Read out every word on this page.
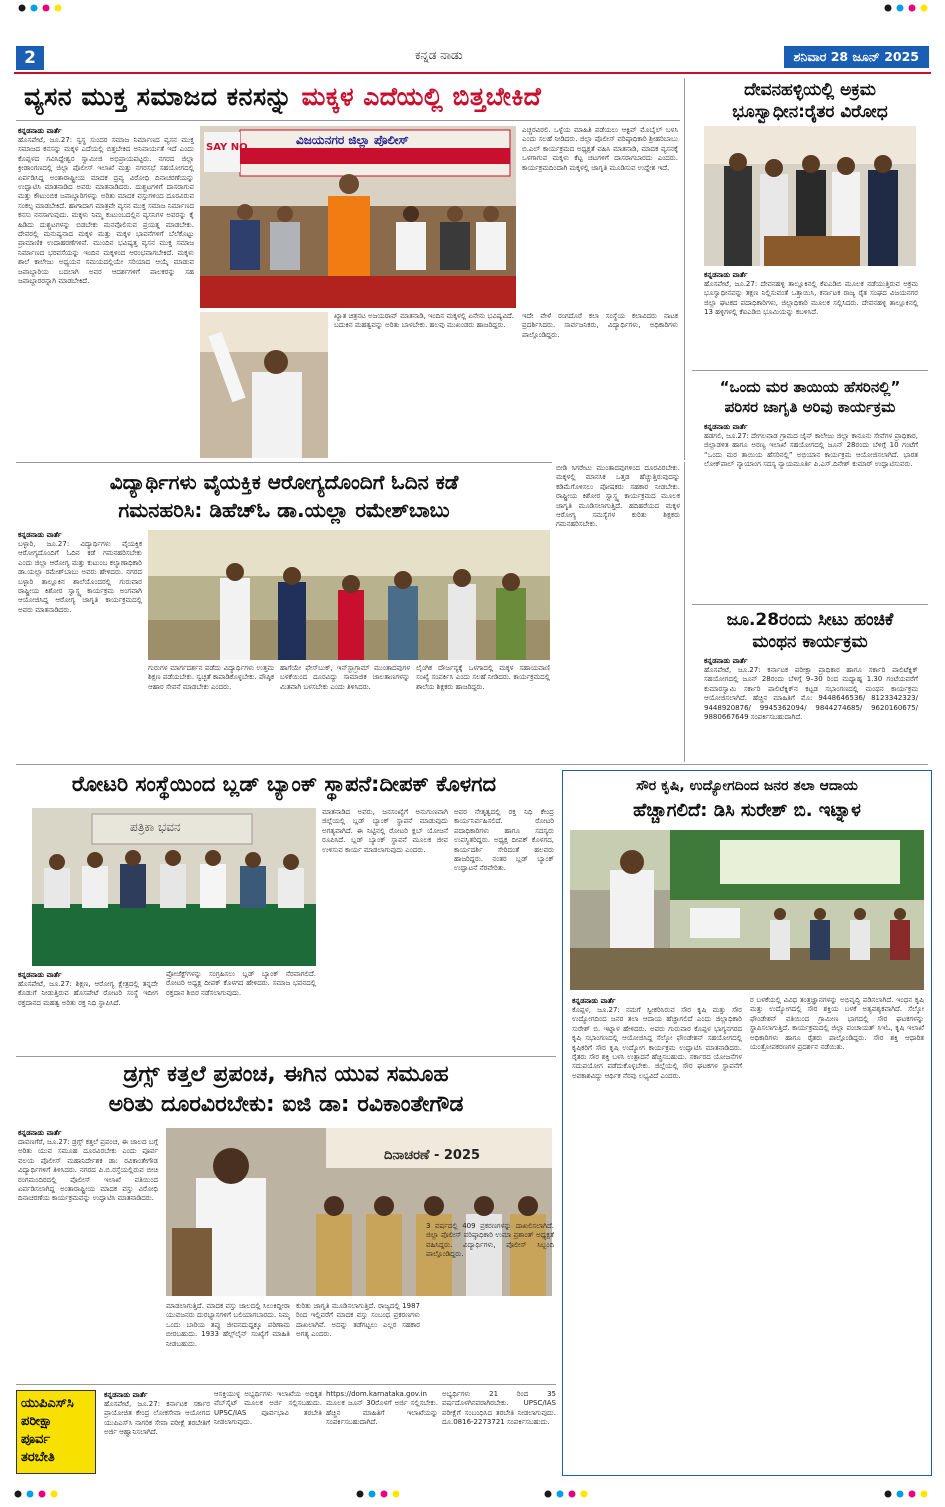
2	ಕನ್ನಡ ನಾಡು	ಶನಿವಾರ 28 ಜೂನ್ 2025
ವ್ಯಸನ ಮುಕ್ತ ಸಮಾಜದ ಕನಸನ್ನು ಮಕ್ಕಳ ಎದೆಯಲ್ಲಿ ಬಿತ್ತಬೇಕಿದೆ
ಕನ್ನಡನಾಡು ವಾರ್ತೆ
ಹೊಸಪೇಟೆ, ಜೂ.27: ಸ್ವಸ್ಥ ಸುಂದರ ಸಮಾಜ ನಿರ್ಮಾಣದ ವ್ಯಸನ ಮುಕ್ತ ಸಮಾಜದ ಕನಸನ್ನು ಮಕ್ಕಳ ಎದೆಯಲ್ಲಿ ಬಿತ್ತಬೇಕಿದ ಅನಿವಾರ್ಯತೆ ಇದೆ ಎಂದು ಕೊಪ್ಪಳದ ಗವಿಸಿದ್ದೇಶ್ವರ ಸ್ವಾಮೀಜಿ ಅಭಿಪ್ರಾಯಪಟ್ಟರು. ನಗರದ ಜಿಲ್ಲಾ ಕ್ರೀಡಾಂಗಣದಲ್ಲಿ ಜಿಲ್ಲಾ ಪೊಲೀಸ್ ಇಲಾಖೆ ಮತ್ತು ನಗರಸಭೆ ಸಹಯೋಗದಲ್ಲಿ ಏರ್ಪಡಿಸಿದ್ದ ಅಂತಾರಾಷ್ಟ್ರೀಯ ಮಾದಕ ದ್ರವ್ಯ ವಿರೋಧಿ ದಿನಾಚರಣೆಯನ್ನು ಉದ್ಘಾಟಿಸಿ ಮಾತನಾಡಿದ ಅವರು ಮಾತನಾಡಿದರು. ದುಶ್ಚಟಗಳಿಗೆ ದಾಸರಾಗುವ ಮತ್ತು ಕೌಟುಂಬಿಕ ಜವಾಬ್ದಾರಿಗಳನ್ನು ಅರಿತು ಮಾದಕ ವಸ್ತುಗಳಿಂದ ದೂರವಿರುವ ಸಂಕಲ್ಪ ಮಾಡಬೇಕಿದೆ. ಹಾಗಾದಾಗ ಮಾತ್ರವೇ ವ್ಯಸನ ಮುಕ್ತ ಸಮಾಜ ನಿರ್ಮಾಣದ ಕನಸು ನನಸಾಗುವುದು. ಮಕ್ಕಳು ನಿಮ್ಮ ಕುಟುಂಬದಲ್ಲಿನ ವ್ಯಸನಿಗಳ ಅವರನ್ನು ಕೈ ಹಿಡಿದು ದುಶ್ಚಟಗಳನ್ನು ಬಿಡಬೇಕು ಮನವೊಲಿಸುವ ಪ್ರಯತ್ನ ಮಾಡಬೇಕು. ದೇವರಲ್ಲಿ ಮನುಷ್ಯನಾದ ಮಕ್ಕಳ ಮತ್ತು ಮಕ್ಕಳ ಭಾವನೆಗಳಿಗೆ ಬೆಲೆಕೊಟ್ಟು ಪ್ರಾಮಾಣಿಕ ಉದಾಹರಣೆಗಳಿವೆ. ಮುಂದಿನ ಭವಿಷ್ಯತ್ತ ವ್ಯಸನ ಮುಕ್ತ ಸಮಾಜ ನಿರ್ಮಾಣದ ಭರವಸೆಯನ್ನು ಇಂದಿನ ಮಕ್ಕಳಿಂದ ಆರಂಭವಾಗಬೇಕಿದೆ. ಮಕ್ಕಳು ಶಾಲೆ ಕಾಲೇಜು ಅಧ್ಯಯನ ಸಮಯದಲ್ಲಿಯೇ ಸರಿಯಾದ ಆಯ್ಕೆ ಮಾಡುವ ಜವಾಬ್ದಾರಿಯ ಬದಲಾಗಿ ಅವರ ಆದರ್ಶಗಳಿಗೆ ಪಾಲಕರನ್ನು ಸಹ ಜವಾಬ್ದಾರರನ್ನಾಗಿ ಮಾಡಬೇಕಿದೆ.
ವಿಜಯನಗರ ಜಿಲ್ಲಾ ಪೊಲೀಸ್
SAY NO
ಎಚ್ಚರವಿರಲಿ. ಒಳ್ಳೆಯ ಮಾಹಿತಿ ಪಡೆಯಲು ಆಕ್ಟಿವ್ ಮೊಬೈಲ್ ಬಳಸಿ ಎಂದು ಸಲಹೆ ನೀಡಿದರು. ಜಿಲ್ಲಾ ಪೊಲೀಸ್ ವರಿಷ್ಠಾಧಿಕಾರಿ ಶ್ರೀಹರಿಬಾಬು ಬಿ.ಎಲ್ ಕಾರ್ಯಕ್ರಮದ ಅಧ್ಯಕ್ಷತೆ ವಹಿಸಿ ಮಾತನಾಡಿ, ಮಾದಕ ವ್ಯಸನಕ್ಕೆ ಒಳಗಾಗುವ ಮಕ್ಕಳು ಕೆಟ್ಟ ಚಟಗಳಿಗೆ ದಾಸರಾಗಬಾರದು ಎಂದರು. ಕಾರ್ಯಕ್ರಮದಿಂದಾಗಿ ಮಕ್ಕಳಲ್ಲಿ ಜಾಗೃತಿ ಮೂಡಿಸುವ ಉದ್ದೇಶ ಇದೆ.
ಖ್ಯಾತ ಚಿತ್ರನಟ ಅಜಯರಾವ್ ಮಾತನಾಡಿ, ಇಂದಿನ ಮಕ್ಕಳಲ್ಲಿ ಏನೇನು ಭವಿಷ್ಯವಿದೆ. ಬದುಕಿನ ಮಹತ್ವವನ್ನು ಅರಿತು ಬಾಳಬೇಕು. ಹಲವು ಮುಖಂಡರು ಹಾಜರಿದ್ದರು.
ಇದೇ ವೇಳೆ ರಂಗದೊರೆ ಕಲಾ ಸಂಸ್ಥೆಯ ಕಲಾವಿದರು ನಾಟಕ ಪ್ರದರ್ಶಿಸಿದರು. ಸಾರ್ವಜನಿಕರು, ವಿದ್ಯಾರ್ಥಿಗಳು, ಅಧಿಕಾರಿಗಳು ಪಾಲ್ಗೊಂಡಿದ್ದರು.
ದೇವನಹಳ್ಳಿಯಲ್ಲಿ ಅಕ್ರಮ
ಭೂಸ್ವಾಧೀನ:ರೈತರ ವಿರೋಧ
ಕನ್ನಡನಾಡು ವಾರ್ತೆ
ಹೊಸಪೇಟೆ, ಜೂ.27: ದೇವನಹಳ್ಳಿ ತಾಲ್ಲೂಕಿನಲ್ಲಿ ಕೆಐಎಡಿಬಿ ಮೂಲಕ ನಡೆಯುತ್ತಿರುವ ಅಕ್ರಮ ಭೂಸ್ವಾಧೀನವನ್ನು ತಕ್ಷಣ ನಿಲ್ಲಿಸುವಂತೆ ಒತ್ತಾಯಿಸಿ, ಕರ್ನಾಟಕ ರಾಜ್ಯ ರೈತ ಸಂಘದ ವಿಜಯನಗರ ಜಿಲ್ಲಾ ಘಟಕದ ಪದಾಧಿಕಾರಿಗಳು, ಜಿಲ್ಲಾಧಿಕಾರಿ ಮೂಲಕ ಸಲ್ಲಿಸಿದರು. ದೇವನಹಳ್ಳಿ ತಾಲ್ಲೂಕಿನಲ್ಲಿ 13 ಹಳ್ಳಿಗಳಲ್ಲಿ ಕೆಐಎಡಿಬಿ ಭೂಮಿಯನ್ನು ಕಬಳಿಸಿದೆ.
“ಒಂದು ಮರ ತಾಯಿಯ ಹೆಸರಿನಲ್ಲಿ”
ಪರಿಸರ ಜಾಗೃತಿ ಅರಿವು ಕಾರ್ಯಕ್ರಮ
ಕನ್ನಡನಾಡು ವಾರ್ತೆ
ಹಡಗಲಿ, ಜೂ.27: ದೇಗಲವಾಡ ಗ್ರಾಮದ ಜೈನ್ ಕಾಲೇಜು ಜಿಲ್ಲಾ ಕಾನೂನು ಸೇವೆಗಳ ಪ್ರಾಧಿಕಾರ, ಜಿಲ್ಲಾಡಳಿತ ಹಾಗೂ ಅರಣ್ಯ ಇಲಾಖೆ ಸಹಯೋಗದಲ್ಲಿ ಜೂನ್ 28ರಂದು ಬೆಳಿಗ್ಗೆ 10 ಗಂಟೆಗೆ “ಒಂದು ಮರ ತಾಯಿಯ ಹೆಸರಿನಲ್ಲಿ” ಅಭಿಯಾನ ಕಾರ್ಯಕ್ರಮ ಆಯೋಜಿಸಲಾಗಿದೆ. ಭಾರತ ಲೋಕ್‌ಪಾಲ್ ನ್ಯಾಯಾಂಗ ಸದಸ್ಯ ನ್ಯಾಯಮೂರ್ತಿ ಪಿ.ಎಸ್.ದಿನೇಶ್ ಕುಮಾರ್ ಉದ್ಘಾಟಿಸುವರು.
ಜೂ.28ರಂದು ಸೀಟು ಹಂಚಿಕೆ
ಮಂಥನ ಕಾರ್ಯಕ್ರಮ
ಕನ್ನಡನಾಡು ವಾರ್ತೆ
ಹೊಸಪೇಟೆ, ಜೂ.27: ಕರ್ನಾಟಕ ಪರೀಕ್ಷಾ ಪ್ರಾಧಿಕಾರ ಹಾಗೂ ಸರ್ಕಾರಿ ಪಾಲಿಟೆಕ್ನಿಕ್ ಸಹಯೋಗದಲ್ಲಿ ಜೂನ್ 28ರಂದು ಬೆಳಿಗ್ಗೆ 9–30 ರಿಂದ ಮಧ್ಯಾಹ್ನ 1.30 ಗಂಟೆಯವರೆಗೆ ಕುಮಾರಸ್ವಾಮಿ ಸರ್ಕಾರಿ ಪಾಲಿಟೆಕ್ನಿಕ್‌ನ ಕಟ್ಟಡ ಸಭಾಂಗಣದಲ್ಲಿ ಮಂಥನ ಕಾರ್ಯಕ್ರಮ ಆಯೋಜಿಸಲಾಗಿದೆ. ಹೆಚ್ಚಿನ ಮಾಹಿತಿಗೆ ಮೊ: 9448646536/ 8123342323/ 9448920876/ 9945362094/ 9844274685/ 9620160675/ 9880667649 ಸಂಪರ್ಕಿಸಬಹುದಾಗಿದೆ.
ವಿದ್ಯಾರ್ಥಿಗಳು ವೈಯಕ್ತಿಕ ಆರೋಗ್ಯದೊಂದಿಗೆ ಓದಿನ ಕಡೆ
ಗಮನಹರಿಸಿ: ಡಿಹೆಚ್‌ಓ ಡಾ.ಯಲ್ಲಾ ರಮೇಶ್‌ಬಾಬು
ಕನ್ನಡನಾಡು ವಾರ್ತೆ
ಬಳ್ಳಾರಿ, ಜೂ.27: ವಿದ್ಯಾರ್ಥಿಗಳು ವೈಯಕ್ತಿಕ ಆರೋಗ್ಯದೊಂದಿಗೆ ಓದಿನ ಕಡೆ ಗಮನಹರಿಸಬೇಕು ಎಂದು ಜಿಲ್ಲಾ ಆರೋಗ್ಯ ಮತ್ತು ಕುಟುಂಬ ಕಲ್ಯಾಣಾಧಿಕಾರಿ ಡಾ.ಯಲ್ಲಾ ರಮೇಶ್‌ಬಾಬು ಅವರು ಹೇಳಿದರು. ನಗರದ ಬಳ್ಳಾರಿ ತಾಲ್ಲೂಕಿನ ಶಾಲೆಯೊಂದರಲ್ಲಿ ಗುರುವಾರ ರಾಷ್ಟ್ರೀಯ ಕಿಶೋರ ಸ್ವಾಸ್ಥ್ಯ ಕಾರ್ಯಕ್ರಮ ಅಂಗವಾಗಿ ಆಯೋಜಿಸಿದ್ದ ಆರೋಗ್ಯ ಜಾಗೃತಿ ಕಾರ್ಯಕ್ರಮದಲ್ಲಿ ಅವರು ಮಾತನಾಡಿದರು.
ಗುರುಗಳ ಮಾರ್ಗದರ್ಶನ ಪಡೆದು ವಿದ್ಯಾರ್ಥಿಗಳು ಉತ್ತಮ ಶಿಕ್ಷಣ ಪಡೆಯಬೇಕು. ಸ್ವಚ್ಛತೆ ಕಾಪಾಡಿಕೊಳ್ಳಬೇಕು. ಪೌಷ್ಠಿಕ ಆಹಾರ ಸೇವನೆ ಮಾಡಬೇಕು ಎಂದರು.
ಹಾಗೆಯೇ ಫೇಸ್‌ಬುಕ್, ಇನ್‌ಸ್ಟಾಗ್ರಾಮ್ ಮುಂತಾದವುಗಳ ಬಳಕೆಯಿಂದ ದೂರವಿದ್ದು ಸಾಮಾಜಿಕ ಜಾಲತಾಣಗಳನ್ನು ಮಿತವಾಗಿ ಬಳಸಬೇಕು ಎಂದು ತಿಳಿಸಿದರು.
ಲೈಂಗಿಕ ದೌರ್ಜನ್ಯಕ್ಕೆ ಒಳಗಾದಲ್ಲಿ ಮಕ್ಕಳ ಸಹಾಯವಾಣಿ ಸಂಖ್ಯೆ ಸಂಪರ್ಕಿಸಿ ಎಂದು ಸಲಹೆ ನೀಡಿದರು. ಕಾರ್ಯಕ್ರಮದಲ್ಲಿ ಶಾಲೆಯ ಶಿಕ್ಷಕರು ಹಾಜರಿದ್ದರು.
ಬೀಡಿ ಸಿಗರೇಟು ಮುಂತಾದವುಗಳಿಂದ ದೂರವಿರಬೇಕು. ಮಕ್ಕಳಲ್ಲಿ ಮಾನಸಿಕ ಒತ್ತಡ ಹೆಚ್ಚುತ್ತಿರುವುದನ್ನು ಕಡಿಮೆಗೊಳಿಸಲು ಪೋಷಕರು ಸಹಕಾರ ನೀಡಬೇಕು. ರಾಷ್ಟ್ರೀಯ ಕಿಶೋರ ಸ್ವಾಸ್ಥ್ಯ ಕಾರ್ಯಕ್ರಮದ ಮೂಲಕ ಜಾಗೃತಿ ಮೂಡಿಸಲಾಗುತ್ತಿದೆ. ಹದಿಹರೆಯದ ಮಕ್ಕಳ ಆರೋಗ್ಯ ಸಮಸ್ಯೆಗಳ ಕುರಿತು ಶಿಕ್ಷಕರು ಗಮನಹರಿಸಬೇಕು.
ರೋಟರಿ ಸಂಸ್ಥೆಯಿಂದ ಬ್ಲಡ್ ಬ್ಯಾಂಕ್ ಸ್ಥಾಪನೆ:ದೀಪಕ್ ಕೊಳಗದ
ಪತ್ರಿಕಾ ಭವನ
ಕನ್ನಡನಾಡು ವಾರ್ತೆ
ಹೊಸಪೇಟೆ, ಜೂ.27: ಶಿಕ್ಷಣ, ಆರೋಗ್ಯ ಕ್ಷೇತ್ರದಲ್ಲಿ ತನ್ನದೇ ಕೊಡುಗೆ ನೀಡುತ್ತಿರುವ ಹೊಸಪೇಟೆ ರೋಟರಿ ಸಂಸ್ಥೆ ಇದೀಗ ರಕ್ತದಾನದ ಮಹತ್ವ ಅರಿತು ರಕ್ತ ನಿಧಿ ಸ್ಥಾಪಿಸಿದೆ.
ಪ್ರೋಜೆಕ್ಟ್‌ಗಳನ್ನು ಸಂಗ್ರಹಿಸಲು ಬ್ಲಡ್ ಬ್ಯಾಂಕ್ ನೆರವಾಗಲಿದೆ. ರೋಟರಿ ಅಧ್ಯಕ್ಷ ದೀಪಕ್ ಕೊಳಗದ ಹೇಳಿದರು. ಸಮಾಜ ಭವನದಲ್ಲಿ ರಕ್ತದಾನ ಶಿಬಿರ ನಡೆಸಲಾಗುವುದು.
ಮಾತನಾಡಿದ ಅವರು, ಜನಸಂಖ್ಯೆಗೆ ಅನುಗುಣವಾಗಿ ಜಿಲ್ಲೆಯಲ್ಲಿ ಬ್ಲಡ್ ಬ್ಯಾಂಕ್ ಸ್ಥಾಪನೆ ಮಾಡುವುದು ಅಗತ್ಯವಾಗಿದೆ. ಈ ನಿಟ್ಟಿನಲ್ಲಿ ರೋಟರಿ ಕ್ಲಬ್ ಯೋಜನೆ ರೂಪಿಸಿದೆ. ಬ್ಲಡ್ ಬ್ಯಾಂಕ್ ಸ್ಥಾಪನೆ ಮೂಲಕ ಜೀವ ಉಳಿಸುವ ಕಾರ್ಯ ಮಾಡಲಾಗುವುದು ಎಂದರು.
ಅವರ ನೇತೃತ್ವದಲ್ಲಿ ರಕ್ತ ನಿಧಿ ಕೇಂದ್ರ ಕಾರ್ಯನಿರ್ವಹಿಸಲಿದೆ. ರೋಟರಿ ಪದಾಧಿಕಾರಿಗಳು ಹಾಗೂ ಸದಸ್ಯರು ಉಪಸ್ಥಿತರಿದ್ದರು. ಅಧ್ಯಕ್ಷ ದೀಪಕ್ ಕೊಳಗದ, ಕಾರ್ಯದರ್ಶಿ ಸೇರಿದಂತೆ ಹಲವರು ಹಾಜರಿದ್ದರು. ನಂತರ ಬ್ಲಡ್ ಬ್ಯಾಂಕ್ ಉದ್ಘಾಟನೆ ನೆರವೇರಿತು.
ಸೌರ ಕೃಷಿ, ಉದ್ಯೋಗದಿಂದ ಜನರ ತಲಾ ಆದಾಯ
ಹೆಚ್ಚಾಗಲಿದೆ: ಡಿಸಿ ಸುರೇಶ್ ಬಿ. ಇಟ್ನಾಳ
ಕನ್ನಡನಾಡು ವಾರ್ತೆ
ಕೊಪ್ಪಳ, ಜೂ.27: ನಮಗೆ ಸ್ವೀಕರಿಸಿರುವ ಸೌರ ಕೃಷಿ ಮತ್ತು ಸೌರ ಉದ್ಯೋಗದಿಂದ ಜನರ ತಲಾ ಆದಾಯ ಹೆಚ್ಚಾಗಲಿದೆ ಎಂದು ಜಿಲ್ಲಾಧಿಕಾರಿ ಸುರೇಶ್ ಬಿ. ಇಟ್ನಾಳ ಹೇಳಿದರು. ಅವರು ಗುರುವಾರ ಕೊಪ್ಪಳ ಭಾಗ್ಯನಗರದ ಕೃಷಿ ಸಭಾಂಗಣದಲ್ಲಿ ಆಯೋಜಿಸಿದ್ದ ಸೆಲ್ಕೋ ಫೌಂಡೇಶನ್ ಸಹಯೋಗದಲ್ಲಿ ಕೃಷಿಕರಿಗೆ ಸೌರ ಕೃಷಿ ಉದ್ಯೋಗ ಕಾರ್ಯಕ್ರಮ ಉದ್ಘಾಟಿಸಿ ಮಾತನಾಡಿದರು. ರೈತರು ಸೌರ ಶಕ್ತಿ ಬಳಸಿ ಉತ್ಪಾದನೆ ಹೆಚ್ಚಿಸಬಹುದು. ಸರ್ಕಾರದ ಯೋಜನೆಗಳ ಸದುಪಯೋಗ ಪಡೆದುಕೊಳ್ಳಬೇಕು. ಜಿಲ್ಲೆಯಲ್ಲಿ ಸೌರ ಘಟಕಗಳ ಸ್ಥಾಪನೆಗೆ ಅವಕಾಶವಿದ್ದು ಆರ್ಥಿಕ ನೆರವು ಲಭ್ಯವಿದೆ ಎಂದರು.
ರ ಬಳಕೆಯಲ್ಲಿ ವಿವಿಧ ತಂತ್ರಜ್ಞಾನಗಳನ್ನು ಅಭಿವೃದ್ಧಿ ಪಡಿಸಲಾಗಿದೆ. ಇಂಧನ ಕೃಷಿ ಮತ್ತು ಉದ್ಯೋಗದಲ್ಲಿ ಸೌರ ಶಕ್ತಿಯ ಬಳಕೆ ಅತ್ಯವಶ್ಯಕವಾಗಿದೆ. ಸೆಲ್ಕೋ ಫೌಂಡೇಶನ್ ವತಿಯಿಂದ ಗ್ರಾಮೀಣ ಭಾಗದಲ್ಲಿ ಸೌರ ಘಟಕಗಳನ್ನು ಸ್ಥಾಪಿಸಲಾಗುತ್ತಿದೆ. ಕಾರ್ಯಕ್ರಮದಲ್ಲಿ ಜಿಲ್ಲಾ ಪಂಚಾಯತ್ ಸಿಇಓ, ಕೃಷಿ ಇಲಾಖೆ ಅಧಿಕಾರಿಗಳು ಹಾಗೂ ರೈತರು ಪಾಲ್ಗೊಂಡಿದ್ದರು. ಸೌರ ಶಕ್ತಿ ಆಧಾರಿತ ಯಂತ್ರೋಪಕರಣಗಳ ಪ್ರದರ್ಶನ ನಡೆಯಿತು.
ಡ್ರಗ್ಸ್ ಕತ್ತಲೆ ಪ್ರಪಂಚ, ಈಗಿನ ಯುವ ಸಮೂಹ
ಅರಿತು ದೂರವಿರಬೇಕು: ಐಜಿ ಡಾ: ರವಿಕಾಂತೇಗೌಡ
ಕನ್ನಡನಾಡು ವಾರ್ತೆ
ದಾವಣಗೆರೆ, ಜೂ.27: ಡ್ರಗ್ಸ್ ಕತ್ತಲೆ ಪ್ರಪಂಚ, ಈ ಜಾಲದ ಬಗ್ಗೆ ಅರಿತು ಯುವ ಸಮೂಹ ದೂರವಿರಬೇಕು ಎಂದು ಪೂರ್ವ ವಲಯ ಪೊಲೀಸ್ ಮಹಾನಿರ್ದೇಶಕ ಡಾ: ರವಿಕಾಂತೇಗೌಡ ವಿದ್ಯಾರ್ಥಿಗಳಿಗೆ ತಿಳಿಸಿದರು. ನಗರದ ಪಿ.ಬಿ.ರಸ್ತೆಯಲ್ಲಿರುವ ಬೀಚಿ ರಂಗಮಂದಿರದಲ್ಲಿ ಪೊಲೀಸ್ ಇಲಾಖೆ ವತಿಯಿಂದ ಏರ್ಪಡಿಸಲಾಗಿದ್ದ ಅಂತಾರಾಷ್ಟ್ರೀಯ ಮಾದಕ ವಸ್ತು ವಿರೋಧಿ ದಿನಾಚರಣೆಯ ಕಾರ್ಯಕ್ರಮವನ್ನು ಉದ್ಘಾಟಿಸಿ ಮಾತನಾಡಿದರು.
ದಿನಾಚರಣೆ - 2025
ಮಾಡಲಾಗುತ್ತಿದೆ. ಮಾದಕ ವಸ್ತು ಜಾಲದಲ್ಲಿ ಸಿಲುಕಿದ್ದೀರಾ ಯುವಜನರು ದುರಭ್ಯಾಸಗಳಿಗೆ ಬಲಿಯಾಗಬಾರದು. ನಿಮ್ಮ ಒಂದು ಬಾರಿಯ ತಪ್ಪು ಜೀವನದುದ್ದಕ್ಕೂ ಪರಿಣಾಮ ಬೀರಬಹುದು. 1933 ಹೆಲ್ಪ್‌ಲೈನ್ ಸಂಖ್ಯೆಗೆ ಮಾಹಿತಿ ನೀಡಬಹುದು.
ಕುರಿತು ಜಾಗೃತಿ ಮೂಡಿಸಲಾಗುತ್ತಿದೆ. ರಾಜ್ಯದಲ್ಲಿ 1987 ರಿಂದ ಇಲ್ಲಿವರೆಗೆ ಮಾದಕ ವಸ್ತು ಸಂಬಂಧ ಪ್ರಕರಣಗಳು ದಾಖಲಾಗಿವೆ. ಅದನ್ನು ತಡೆಗಟ್ಟಲು ಎಲ್ಲರ ಸಹಕಾರ ಅಗತ್ಯ ಎಂದರು.
3 ವರ್ಷದಲ್ಲಿ 409 ಪ್ರಕರಣಗಳನ್ನು ದಾಖಲಿಸಲಾಗಿದೆ. ಜಿಲ್ಲಾ ಪೊಲೀಸ್ ವರಿಷ್ಠಾಧಿಕಾರಿ ಉಮಾ ಪ್ರಶಾಂತ್ ಅಧ್ಯಕ್ಷತೆ ವಹಿಸಿದ್ದರು. ವಿದ್ಯಾರ್ಥಿಗಳು, ಪೊಲೀಸ್ ಸಿಬ್ಬಂದಿ ಪಾಲ್ಗೊಂಡಿದ್ದರು.
ಯುಪಿಎಸ್‌ಸಿ
ಪರೀಕ್ಷಾ
ಪೂರ್ವ
ತರಬೇತಿ
ಕನ್ನಡನಾಡು ವಾರ್ತೆ
ಹೊಸಪೇಟೆ, ಜೂ.27: ಕರ್ನಾಟಕ ಸರ್ಕಾರ ಪ್ರಾಯೋಜಿತ ಕೇಂದ್ರ ಲೋಕಸೇವಾ ಆಯೋಗದ ಯುಪಿಎಸ್‌ಸಿ ನಾಗರಿಕ ಸೇವಾ ಪರೀಕ್ಷೆ ತರಬೇತಿಗೆ ಅರ್ಜಿ ಆಹ್ವಾನಿಸಲಾಗಿದೆ.
ಆಸಕ್ತಿಯುಳ್ಳ ಅಭ್ಯರ್ಥಿಗಳು ಇಲಾಖೆಯ ಅಧಿಕೃತ ವೆಬ್‌ಸೈಟ್ ಮೂಲಕ ಅರ್ಜಿ ಸಲ್ಲಿಸಬಹುದು. UPSC/IAS ಪೂರ್ವಭಾವಿ ತರಬೇತಿ ನೀಡಲಾಗುವುದು.
https://dom.karnataka.gov.in ಮೂಲಕ ಜೂನ್ 30ರೊಳಗೆ ಅರ್ಜಿ ಸಲ್ಲಿಸಬೇಕು. ಹೆಚ್ಚಿನ ಮಾಹಿತಿಗೆ ಇಲಾಖೆಯನ್ನು ಸಂಪರ್ಕಿಸಬಹುದಾಗಿದೆ.
ಅಭ್ಯರ್ಥಿಗಳು 21 ರಿಂದ 35 ವರ್ಷದೊಳಗಿನವರಾಗಿರಬೇಕು. UPSC/IAS ಪರೀಕ್ಷೆಗೆ ಸಂಬಂಧಿಸಿದ ತರಬೇತಿ ನೀಡಲಾಗುವುದು. ದೂ.0816-2273721 ಸಂಪರ್ಕಿಸಬಹುದು.
